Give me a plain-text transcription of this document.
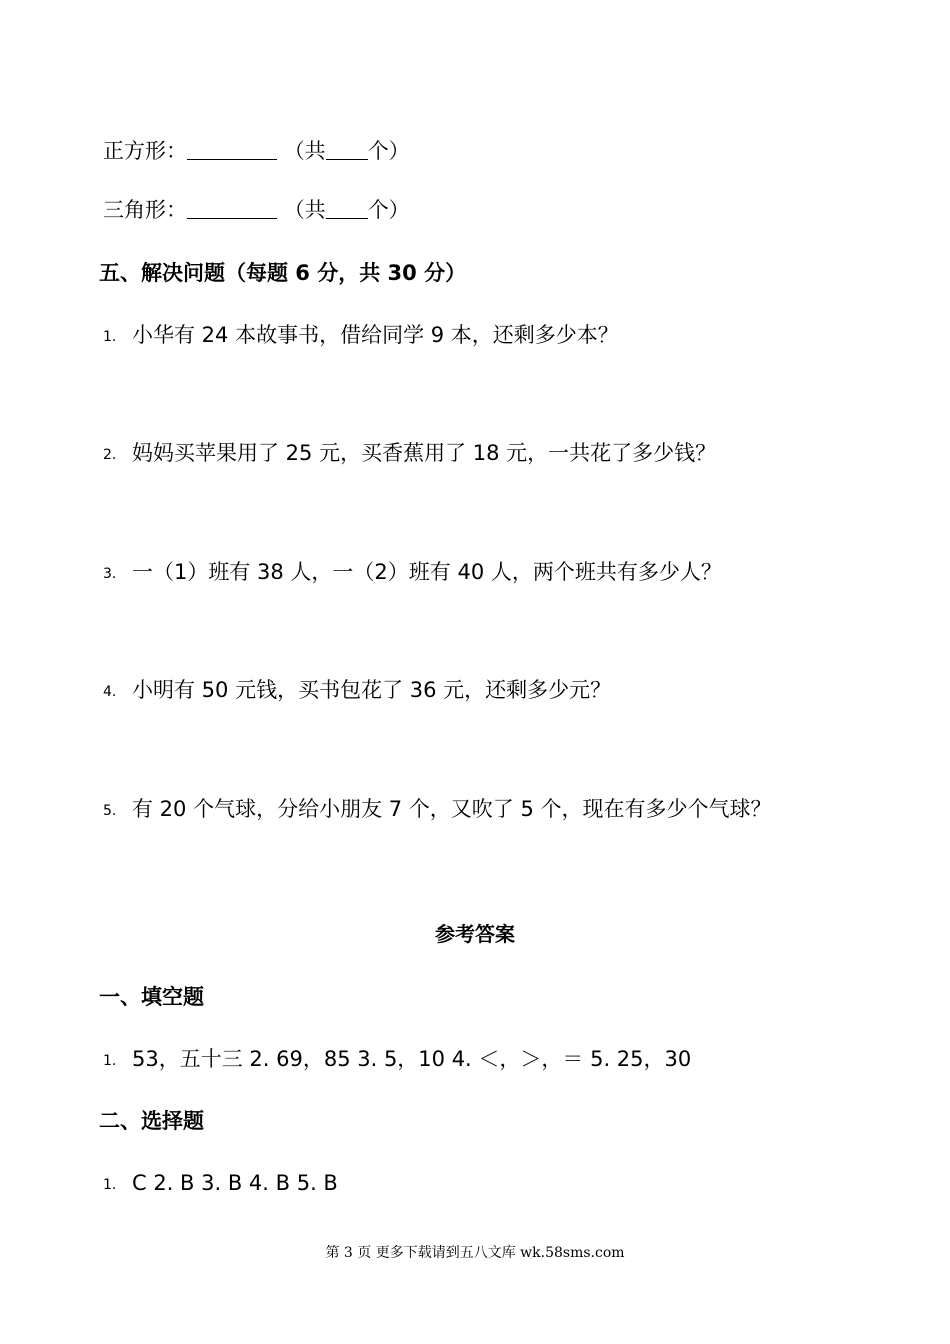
正方形：	（共 个）
三角形：	（共 个）
五、解决问题（每题 6 分，共 30 分）
1. 小华有 24 本故事书，借给同学 9 本，还剩多少本？
2. 妈妈买苹果用了 25 元，买香蕉用了 18 元，一共花了多少钱？
3. 一（1）班有 38 人，一（2）班有 40 人，两个班共有多少人？
4. 小明有 50 元钱，买书包花了 36 元，还剩多少元？
5. 有 20 个气球，分给小朋友 7 个，又吹了 5 个，现在有多少个气球？
参考答案
一、填空题
1. 53，五十三 2. 69，85 3. 5，10 4. ＜，＞，＝ 5. 25，30
二、选择题
1. C 2. B 3. B 4. B 5. B
第 3 页 更多下载请到五八文库 wk.58sms.com
